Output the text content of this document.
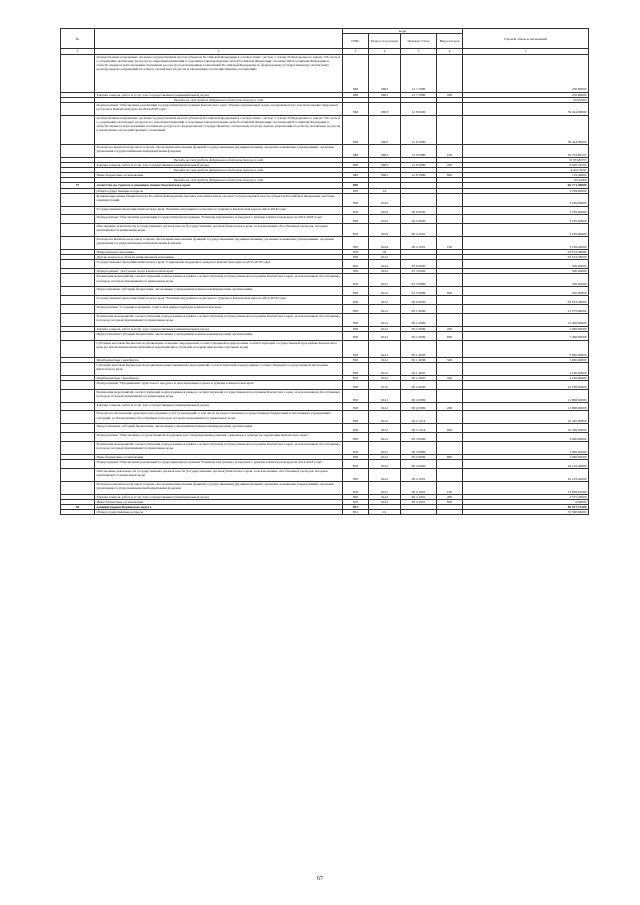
№		коды				Годовой объем ассигнований
		ГРБС	Раздел, под-раздел	Целевая статья	Вид расходов	
1	2	3	4	5	6	7
	Осуществление переданных органам государственной власти субъектов Российской Федерации в соответствии с частью 1 статьи 33 Федерального закона "Об охоте и о сохранении охотничьих ресурсов и о внесении изменений в отдельные законодательные акты Российской Федерации" полномочий Российской Федерации в области охраны и использования охотничьих ресурсов (за исключением полномочий Российской Федерации по федеральному государственному охотничьему надзору, выдаче разрешений на добычу охотничьих ресурсов и заключению охотхозяйственных соглашений)	848	0603	12 7 5980		250,80000
	Закупка товаров, работ и услуг для государственных (муниципальных) нужд	848	0603	12 7 5980	200	250,80000
	Расходы за счет средств федерального бюджета текущего года					250,80000
	Подпрограмма "Обеспечение реализации государственной программы Камчатского края "Охрана окружающей среды, воспроизводство и использование природных ресурсов в Камчатском крае на 2014-2018 годы"	848	0603	12 8 0000		39 444,00000
	Осуществление переданных органам государственной власти субъектов Российской Федерации в соответствии с частью 1 статьи 33 Федерального закона "Об охоте и о сохранении охотничьих ресурсов и о внесении изменений в отдельные законодательные акты Российской Федерации" полномочий Российской Федерации в области охраны и использования охотничьих ресурсов по федеральному государственному охотничьему надзору, выдаче разрешений на добычу охотничьих ресурсов и заключению охотхозяйственных соглашений	848	0603	12 8 5980		39 444,00000
	Расходы на выплаты персоналу в целях обеспечения выполнения функций государственными (муниципальными) органами, казенными учреждениями, органами управления государственными внебюджетными фондами	848	0603	12 8 5980	100	30 703,89705
	Расходы за счет средств федерального бюджета текущего года					30 703,89705
	Закупка товаров, работ и услуг для государственных (муниципальных) нужд	848	0603	12 8 5980	200	8 620,70295
	Расходы за счет средств федерального бюджета текущего года					8 620,70295
	Иные бюджетные ассигнования	848	0603	12 8 5980	800	119,40000
	Расходы за счет средств федерального бюджета текущего года					119,40000
37	Агентство по туризму и внешним связям Камчатского края	850				66 771,38000
	Общегосударственные вопросы	850	01			3 239,00000
	Функционирование Правительства Российской Федерации, высших исполнительных органов государственной власти субъектов Российской Федерации, местных администраций	850	0104			3 239,00000
	Государственная программа Камчатского края "Развитие внутреннего и въездного туризма в Камчатском крае на 2014-2018 годы"	850	0104	09 0 0000		3 239,00000
	Подпрограмма "Обеспечение реализации государственной программы "Развитие внутреннего и въездного туризма в Камчатском крае на 2014-2018 годы"	850	0104	09 4 0000		3 239,00000
	Обеспечение деятельности государственных органов власти (государственных органов) Камчатского края, за исключением обособленных расходов, которым присваиваются уникальные коды	850	0104	09 4 1001		3 239,00000
	Расходы на выплаты персоналу в целях обеспечения выполнения функций государственными (муниципальными) органами, казенными учреждениями, органами управления государственными внебюджетными фондами	850	0104	09 4 1001	100	3 239,00000
	Национальная экономика	850	04			63 533,38000
	Другие вопросы в области национальной экономики	850	0412			63 533,38000
	Государственная программа Камчатского края "Социальная поддержка граждан в Камчатском крае на 2015-2018 годы"	850	0412	03 0 0000		500,00000
	Подпрограмма "Доступная среда в Камчатском крае"	850	0412	03 3 0000		500,00000
	Реализация мероприятий соответствующей подпрограммы в рамках соответствующей государственной программы Камчатского края, за исключением обособленных расходов, которым присваиваются уникальные коды	850	0412	03 3 0999		500,00000
	Предоставление субсидий бюджетным, автономным учреждениям и иным некоммерческим организациям	850	0412	03 3 0999	600	500,00000
	Государственная программа Камчатского края "Развитие внутреннего и въездного туризма в Камчатском крае на 2014-2018 годы"	850	0412	09 0 0000		63 033,38000
	Подпрограмма "Создание и развитие туристской инфраструктуры в Камчатском крае"	850	0412	09 1 0000		21 575,00000
	Реализация мероприятий соответствующей подпрограммы в рамках соответствующей государственной программы Камчатского края, за исключением обособленных расходов, которым присваиваются уникальные коды	850	0412	09 1 0999		12 406,00000
	Закупка товаров, работ и услуг для государственных (муниципальных) нужд	850	0412	09 1 0999	200	5 000,00000
	Предоставление субсидий бюджетным, автономным учреждениям и иным некоммерческим организациям	850	0412	09 1 0999	600	7 406,00000
	Субсидии местным бюджетам на реализацию основных мероприятий соответствующей подпрограммы соответствующей государственной программы Камчатского края (за исключением инвестиционных мероприятий и субсидий, которым присвоены отдельные коды)	850	0412	09 1 4006		5 000,00000
	Межбюджетные трансферты	850	0412	09 1 4006	500	5 000,00000
	Субсидии местным бюджетам на реализацию инвестиционных мероприятий соответствующей подпрограммы соответствующей государственной программы Камчатского края	850	0412	09 1 4007		4 169,00000
	Межбюджетные трансферты	850	0412	09 1 4007	500	4 169,00000
	Подпрограмма "Продвижение туристского продукта и популяризация отдыха и туризма в Камчатском крае"	850	0412	09 2 0000		22 238,00000
	Реализация мероприятий соответствующей подпрограммы в рамках соответствующей государственной программы Камчатского края, за исключением обособленных расходов, которым присваиваются уникальные коды	850	0412	09 2 0999		11 898,00000
	Закупка товаров, работ и услуг для государственных (муниципальных) нужд	850	0412	09 2 0999	200	11 898,00000
	Расходы на обеспечение деятельности (оказание услуг) учреждений, в том числе на предоставление государственным бюджетным и автономным учреждениям субсидий, за исключением обособленных расходов, которым присваиваются уникальные коды	850	0412	09 2 1214		10 340,00000
	Предоставление субсидий бюджетным, автономным учреждениям и иным некоммерческим организациям	850	0412	09 2 1214	600	10 340,00000
	Подпрограмма "Обеспечение государственной поддержки для стимулирования развития социального туризма на территории Камчатского края"	850	0412	09 3 0000		3 000,00000
	Реализация мероприятий соответствующей подпрограммы в рамках соответствующей государственной программы Камчатского края, за исключением обособленных расходов, которым присваиваются уникальные коды	850	0412	09 3 0999		3 000,00000
	Иные бюджетные ассигнования	850	0412	09 3 0999	800	3 000,00000
	Подпрограмма "Обеспечение реализации государственной программы "Развитие внутреннего и въездного туризма в Камчатском крае на 2014-2018 годы"	850	0412	09 4 0000		16 219,40000
	Обеспечение деятельности государственных органов власти (государственных органов) Камчатского края, за исключением обособленных расходов, которым присваиваются уникальные коды	850	0412	09 4 1001		16 219,40000
	Расходы на выплаты персоналу в целях обеспечения выполнения функций государственными (муниципальными) органами, казенными учреждениями, органами управления государственными внебюджетными фондами	850	0412	09 4 1001	100	13 638,01000
	Закупка товаров, работ и услуг для государственных (муниципальных) нужд	850	0412	09 4 1001	200	2 575,39000
	Иные бюджетные ассигнования	850	0412	09 4 1001	800	6,00000
38	администрация Корякского округа	851				46 517,71500
	Общегосударственные вопросы	851	01			31 560,84000
67
